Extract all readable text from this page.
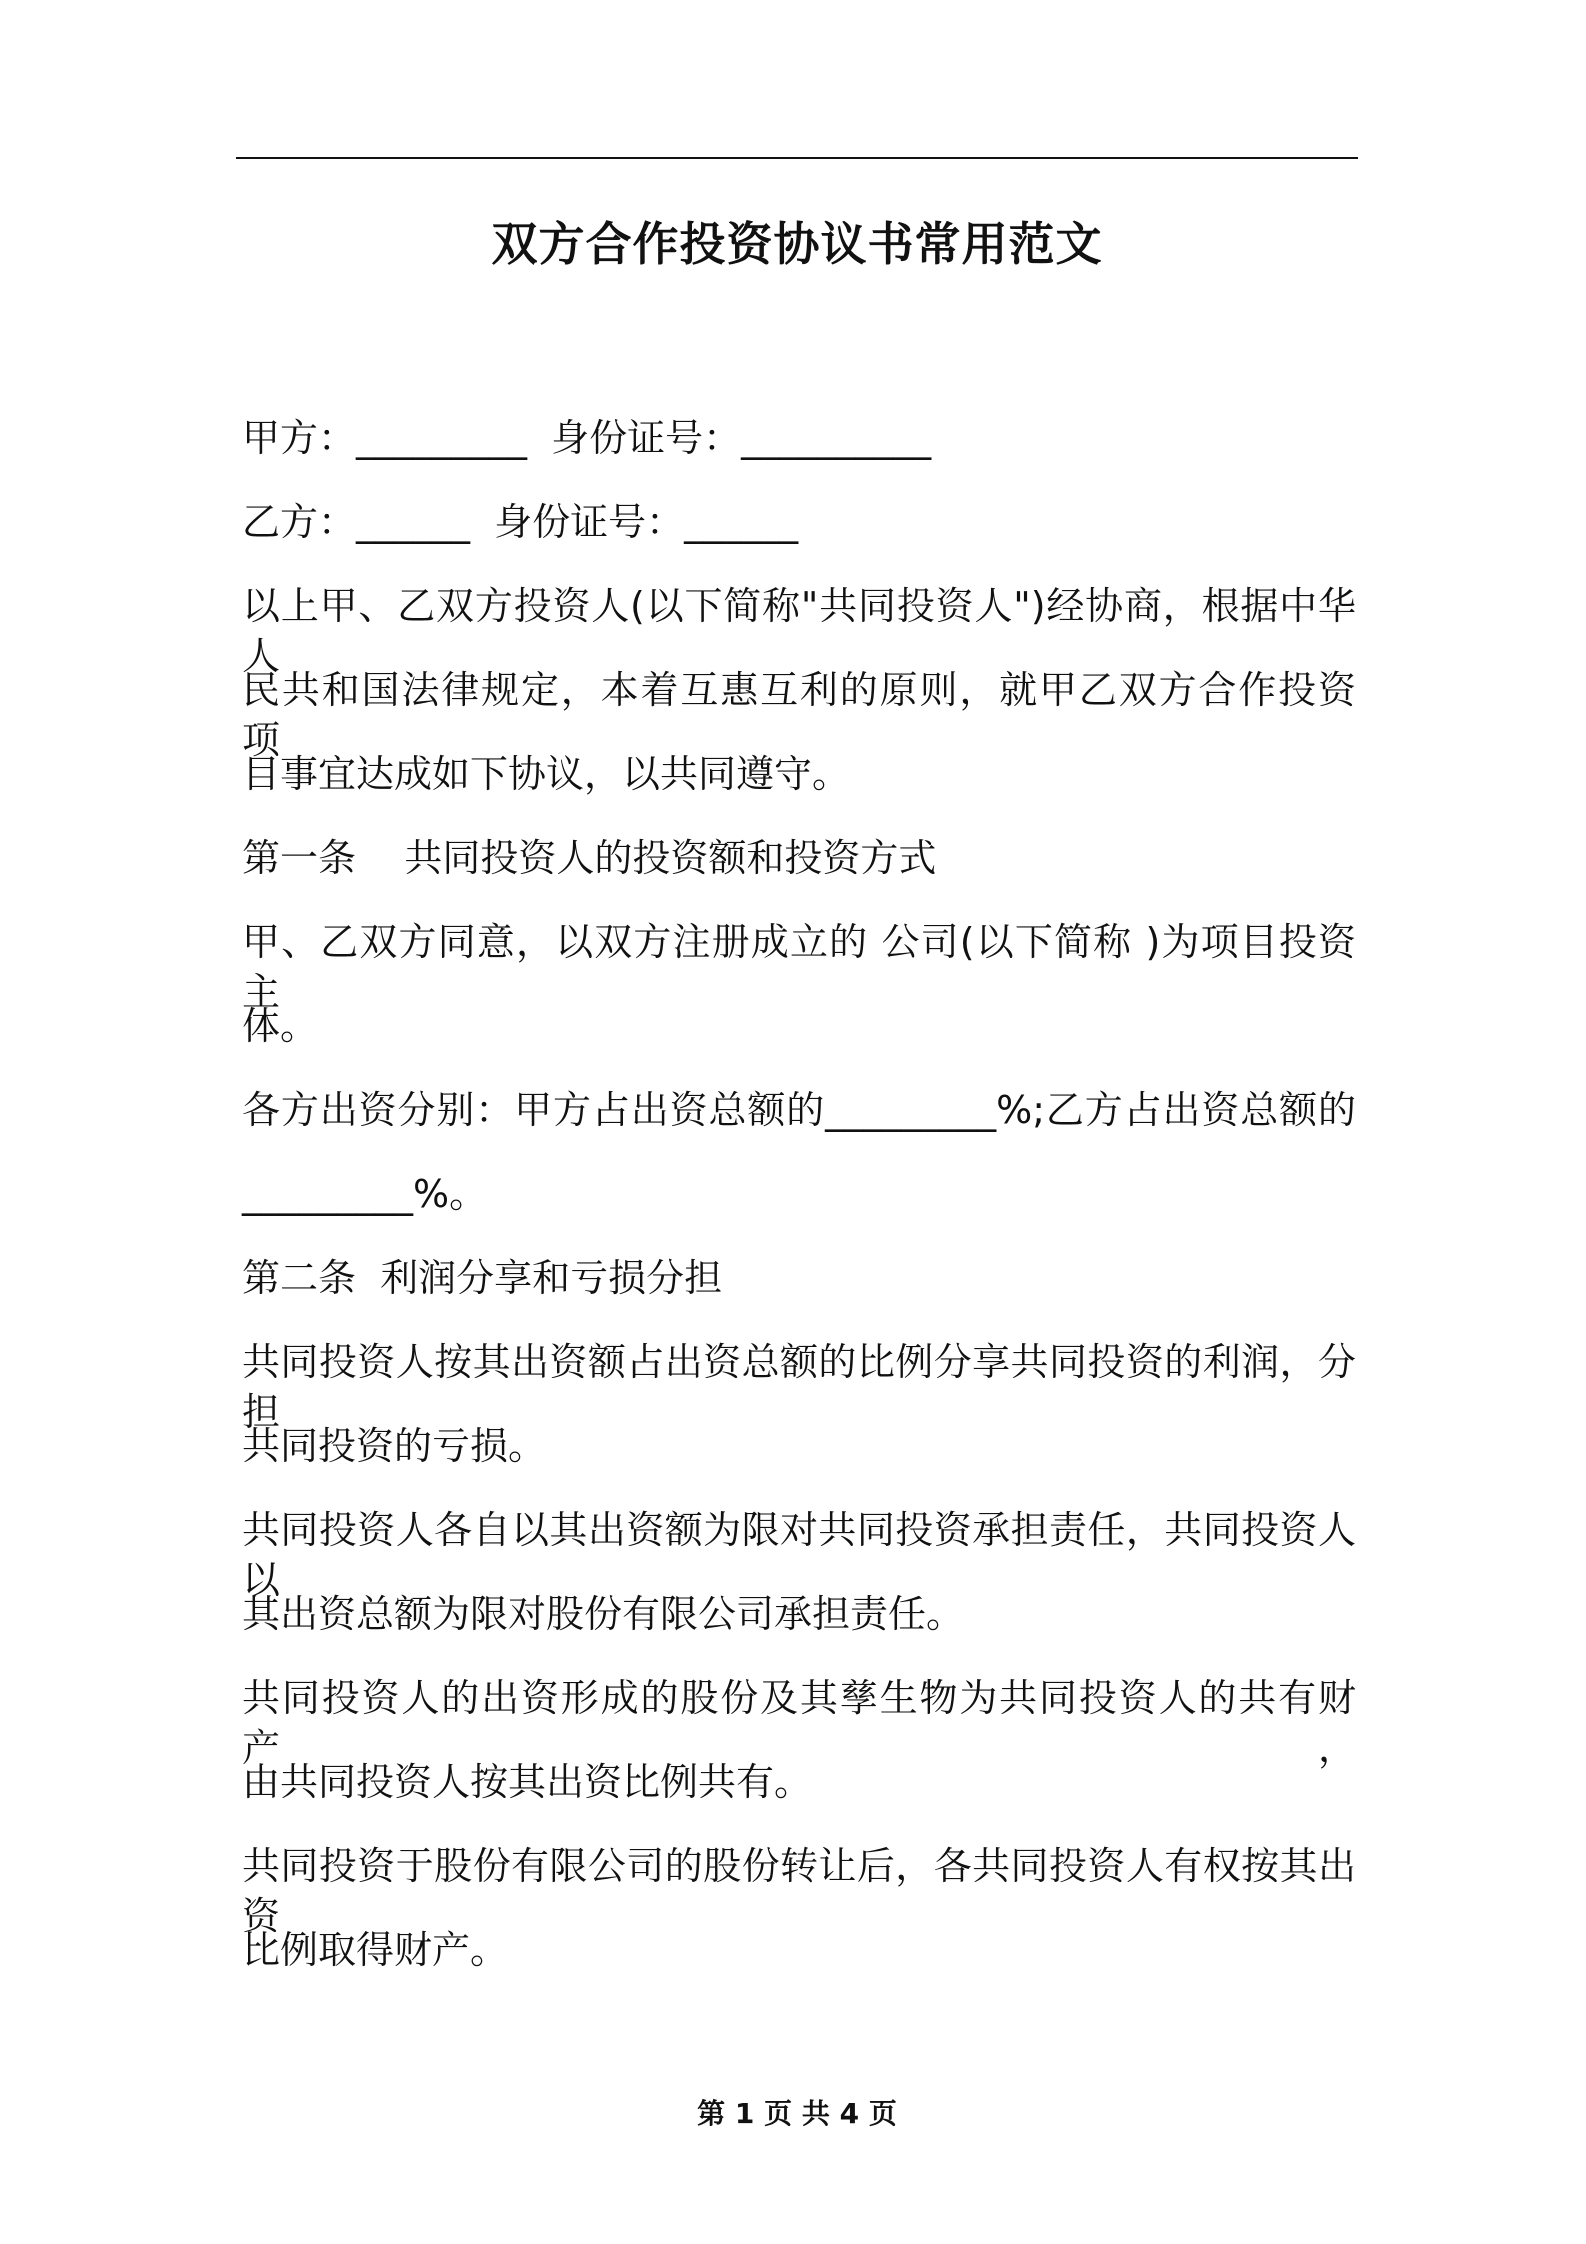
双方合作投资协议书常用范文
甲方：_________  身份证号：__________
乙方：______  身份证号：______
以上甲、乙双方投资人(以下简称"共同投资人")经协商，根据中华人
民共和国法律规定，本着互惠互利的原则，就甲乙双方合作投资 项
目事宜达成如下协议，以共同遵守。
第一条    共同投资人的投资额和投资方式
甲、乙双方同意，以双方注册成立的 公司(以下简称 )为项目投资主
体。
各方出资分别：甲方占出资总额的_________%;乙方占出资总额的
_________%。
第二条  利润分享和亏损分担
共同投资人按其出资额占出资总额的比例分享共同投资的利润，分担
共同投资的亏损。
共同投资人各自以其出资额为限对共同投资承担责任，共同投资人以
其出资总额为限对股份有限公司承担责任。
共同投资人的出资形成的股份及其孳生物为共同投资人的共有财产，
由共同投资人按其出资比例共有。
共同投资于股份有限公司的股份转让后，各共同投资人有权按其出资
比例取得财产。
第 1 页 共 4 页
